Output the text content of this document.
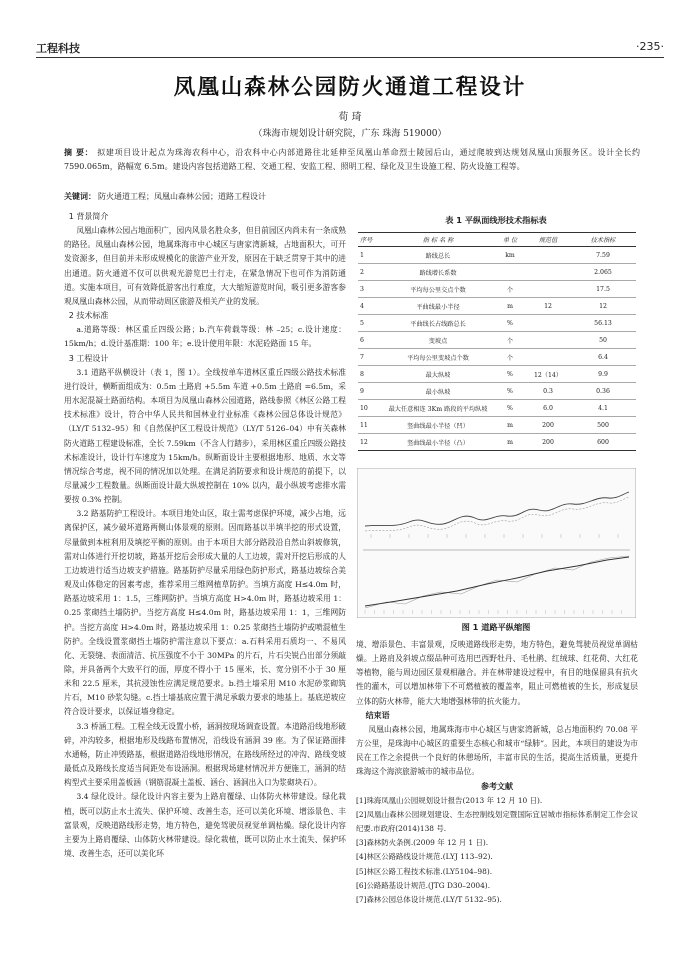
工程科技	·235·
凤凰山森林公园防火通道工程设计
荀 琦
（珠海市规划设计研究院，广东 珠海 519000）
摘 要： 拟建项目设计起点为珠海农科中心，沿农科中心内部道路往北延伸至凤凰山革命烈士陵园后山，通过爬坡到达规划凤凰山顶服务区。设计全长约 7590.065m，路幅宽 6.5m。建设内容包括道路工程、交通工程、安监工程、照明工程、绿化及卫生设施工程、防火设施工程等。
关键词： 防火通道工程；凤凰山森林公园；道路工程设计
1 背景简介

凤凰山森林公园占地面积广，园内风景名胜众多，但目前园区内尚未有一条成熟的路径。凤凰山森林公园，地属珠海市中心城区与唐家湾新城，占地面积大，可开发资源多，但目前并未形成规模化的旅游产业开发，原因在于缺乏贯穿于其中的进出通道。防火通道不仅可以供观光游览巴士行走，在紧急情况下也可作为消防通道。实施本项目，可有效降低游客出行难度，大大缩短游览时间，吸引更多游客参观凤凰山森林公园，从而带动周区旅游及相关产业的发展。

2 技术标准

a.道路等级：林区重丘四级公路；b.汽车荷载等级：林 –25；c.设计速度：15km/h；d.设计基准期：100 年；e.设计使用年限：水泥砼路面 15 年。

3 工程设计

3.1 道路平纵横设计（表 1，图 1）。全线按单车道林区重丘四级公路技术标准进行设计，横断面组成为：0.5m 土路肩 +5.5m 车道 +0.5m 土路肩 =6.5m，采用水泥混凝土路面结构。本项目为凤凰山森林公园道路，路线参照《林区公路工程技术标准》设计，符合中华人民共和国林业行业标准《森林公园总体设计规范》（LY/T 5132–95）和《自然保护区工程设计规范》（LY/T 5126–04）中有关森林防火道路工程建设标准，全长 7.59km（不含人行踏步），采用林区重丘四级公路技术标准设计，设计行车速度为 15km/h。纵断面设计主要根据地形、地质、水文等情况综合考虑，视不同的情况加以处理。在满足消防要求和设计规范的前提下，以尽量减少工程数量。纵断面设计最大纵坡控制在 10% 以内，最小纵坡考虑排水需要按 0.3% 控制。

3.2 路基防护工程设计。本项目地处山区，取土需考虑保护环境，减少占地，远离保护区，减少破坏道路两侧山体景观的原则。因而路基以半填半挖的形式设置，尽量做到本桩利用及填挖平衡的原则。由于本项目大部分路段沿自然山斜坡修筑，需对山体进行开挖切坡，路基开挖后会形成大量的人工边坡，需对开挖后形成的人工边坡进行适当边坡支护措施。路基防护尽量采用绿色防护形式，路基边坡综合美观及山体稳定的因素考虑，推荐采用三维网植草防护。当填方高度 H≤4.0m 时，路基边坡采用 1：1.5，三维网防护。当填方高度 H>4.0m 时，路基边坡采用 1：0.25 浆砌挡土墙防护。当挖方高度 H≤4.0m 时，路基边坡采用 1：1，三维网防护。当挖方高度 H>4.0m 时，路基边坡采用 1：0.25 浆砌挡土墙防护或喷混植生防护。全线设置浆砌挡土墙防护需注意以下要点：a.石料采用石质均一、不易风化、无裂缝、表面清洁、抗压强度不小于 30MPa 的片石，片石尖锐凸出部分须敲除，并具备两个大致平行的面，厚度不得小于 15 厘米，长、宽分别不小于 30 厘米和 22.5 厘米，其抗浸蚀性应满足规范要求。b.挡土墙采用 M10 水泥砂浆砌筑片石，M10 砂浆勾缝。c.挡土墙基底应置于满足承载力要求的地基上。基底逆坡应符合设计要求，以保证墙身稳定。

3.3 桥涵工程。工程全线无设置小桥，涵洞按现场调查设置。本道路沿线地形破碎，冲沟较多，根据地形及线路布置情况，沿线设有涵洞 39 座。为了保证路面排水通畅，防止冲毁路基，根据道路沿线地形情况，在路线所经过的冲沟、路线变坡最低点及路线长度适当间距处布设涵洞。根据现场建材情况并方便施工，涵洞的结构型式主要采用盖板涵（钢筋混凝土盖板、涵台、涵洞出入口为浆砌块石）。

3.4 绿化设计。绿化设计内容主要为上路肩覆绿、山体防火林带建设。绿化栽植，既可以防止水土流失、保护环境、改善生态，还可以美化环境、增添景色、丰富景观，反映道路线形走势，地方特色，避免驾驶员视觉单调枯燥。绿化设计内容主要为上路肩覆绿、山体防火林带建设。绿化栽植，既可以防止水土流失、保护环境、改善生态，还可以美化环

表 1 平纵面线形技术指标表
序号	指 标 名 称	单 位	规范值	技术指标
1	路线总长	km		7.59
2	路线增长系数			2.065
3	平均每公里交点个数	个		17.5
4	平曲线最小半径	m	12	12
5	平曲线长占线路总长	%		56.13
6	变坡点	个		50
7	平均每公里变坡点个数	个		6.4
8	最大纵坡	%	12（14）	9.9
9	最小纵坡	%	0.3	0.36
10	最大任意相连 3Km 路段的平均纵坡	%	6.0	4.1
11	竖曲线最小半径（凹）	m	200	500
12	竖曲线最小半径（凸）	m	200	600
图 1 道路平纵缩图

境、增添景色、丰富景观，反映道路线形走势，地方特色，避免驾驶员视觉单调枯燥。上路肩及斜坡点缀品种可选用巴西野牡丹、毛杜鹃、红绒球、红花荷、大红花等植物，能与周边园区景观相融合。并在林带建设过程中，有目的地保留具有抗火性的灌木，可以增加林带下不可燃植被的覆盖率，阻止可燃植被的生长，形成复层立体的防火林带，能大大地增强林带的抗火能力。

结束语

凤凰山森林公园，地属珠海市中心城区与唐家湾新城，总占地面积约 70.08 平方公里，是珠海中心城区的重要生态核心和城市“绿肺”。因此，本项目的建设为市民在工作之余提供一个良好的休憩场所，丰富市民的生活，提高生活质量，更提升珠海这个海滨旅游城市的城市品位。

参考文献
[1]珠海凤凰山公园规划设计报告(2013 年 12 月 10 日).
[2]凤凰山森林公园规划建设、生态控制线划定暨国际宜居城市指标体系制定工作会议纪要.市政府(2014)138 号.
[3]森林防火条例.(2009 年 12 月 1 日).
[4]林区公路路线设计规范.(LYJ 113–92).
[5]林区公路工程技术标准.(LY5104–98).
[6]公路路基设计规范.(JTG D30–2004).
[7]森林公园总体设计规范.(LY/T 5132–95).
